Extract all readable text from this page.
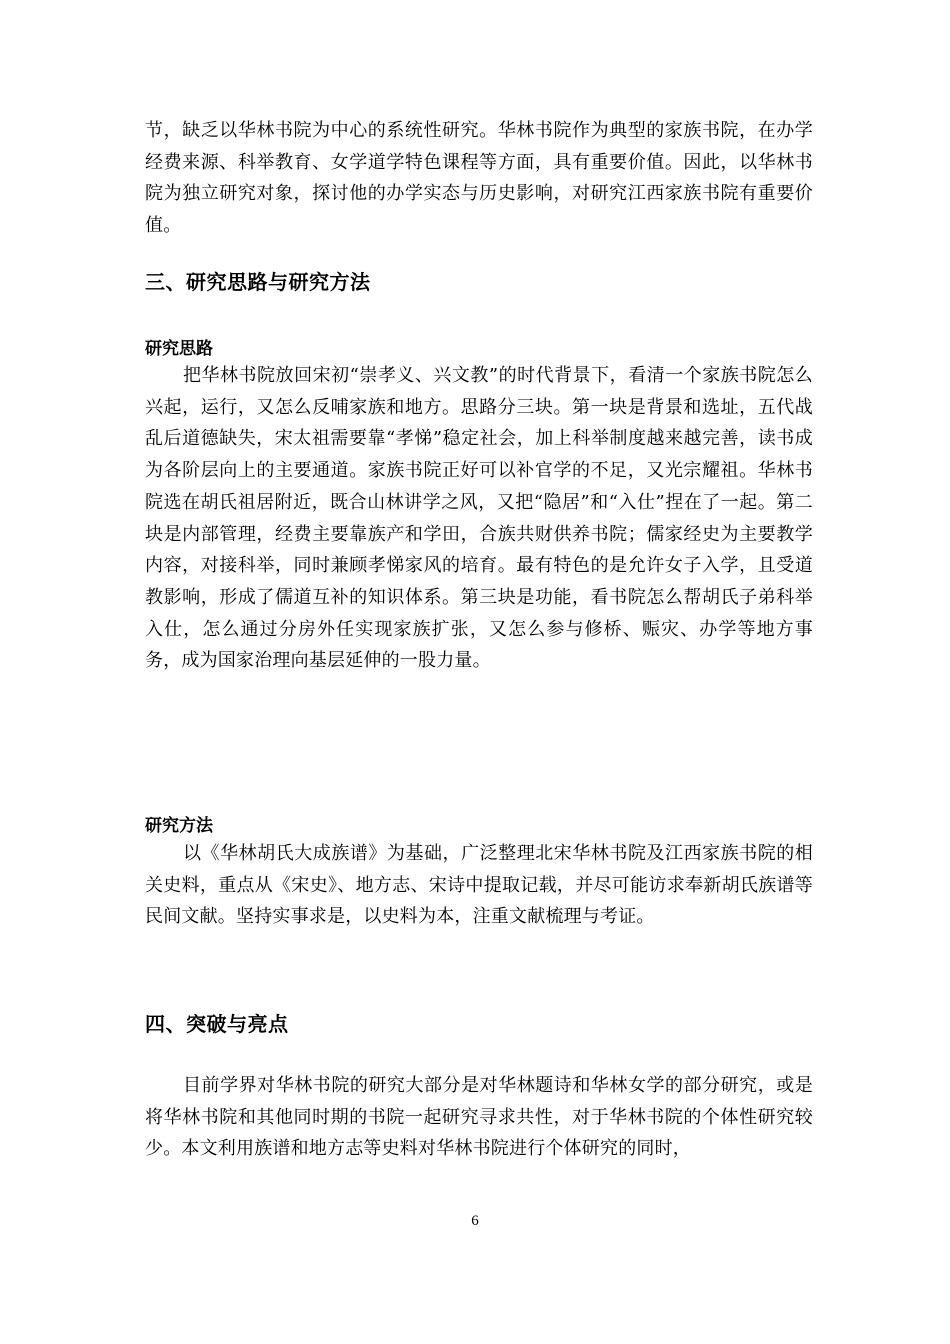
节，缺乏以华林书院为中心的系统性研究。华林书院作为典型的家族书院，在办学经费来源、科举教育、女学道学特色课程等方面，具有重要价值。因此，以华林书院为独立研究对象，探讨他的办学实态与历史影响，对研究江西家族书院有重要价值。

三、研究思路与研究方法
研究思路

把华林书院放回宋初“崇孝义、兴文教”的时代背景下，看清一个家族书院怎么兴起，运行，又怎么反哺家族和地方。思路分三块。第一块是背景和选址，五代战乱后道德缺失，宋太祖需要靠“孝悌”稳定社会，加上科举制度越来越完善，读书成为各阶层向上的主要通道。家族书院正好可以补官学的不足，又光宗耀祖。华林书院选在胡氏祖居附近，既合山林讲学之风，又把“隐居”和“入仕”捏在了一起。第二块是内部管理，经费主要靠族产和学田，合族共财供养书院；儒家经史为主要教学内容，对接科举，同时兼顾孝悌家风的培育。最有特色的是允许女子入学，且受道教影响，形成了儒道互补的知识体系。第三块是功能，看书院怎么帮胡氏子弟科举入仕，怎么通过分房外任实现家族扩张，又怎么参与修桥、赈灾、办学等地方事务，成为国家治理向基层延伸的一股力量。

研究方法

以《华林胡氏大成族谱》为基础，广泛整理北宋华林书院及江西家族书院的相关史料，重点从《宋史》、地方志、宋诗中提取记载，并尽可能访求奉新胡氏族谱等民间文献。坚持实事求是，以史料为本，注重文献梳理与考证。

四、突破与亮点

目前学界对华林书院的研究大部分是对华林题诗和华林女学的部分研究，或是将华林书院和其他同时期的书院一起研究寻求共性，对于华林书院的个体性研究较少。本文利用族谱和地方志等史料对华林书院进行个体研究的同时，

6
